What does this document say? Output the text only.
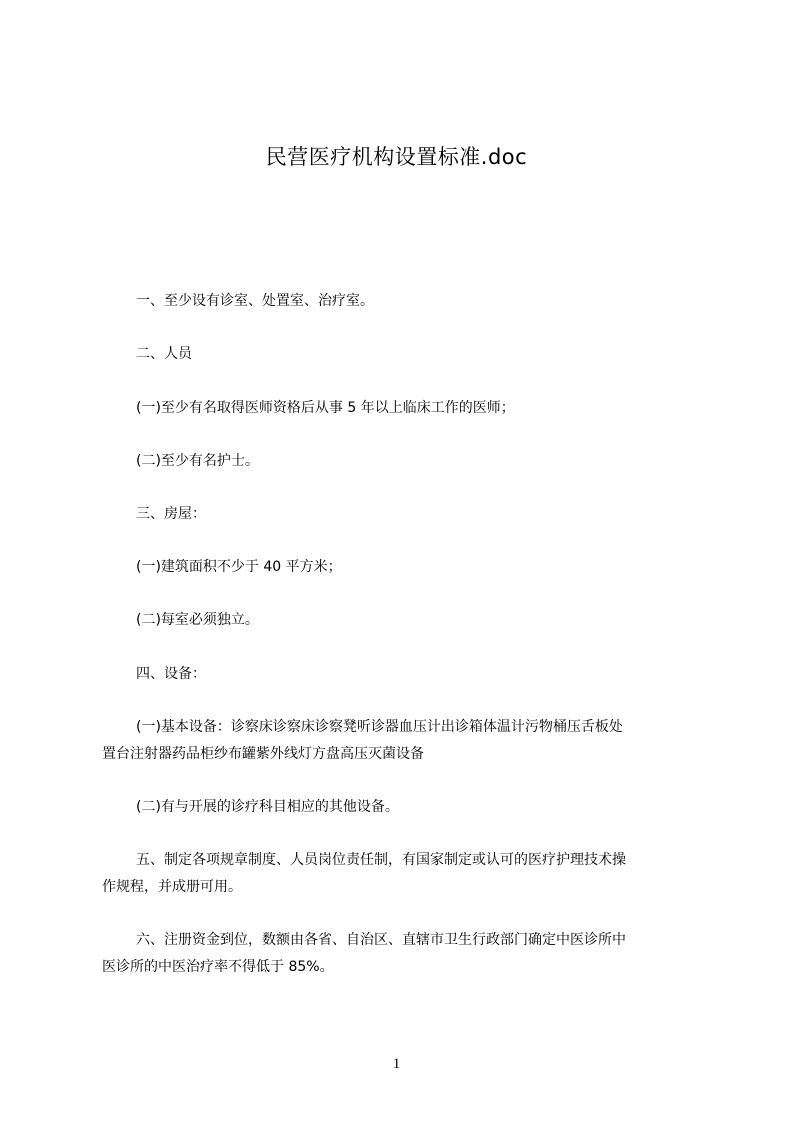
民营医疗机构设置标准.doc
一、至少设有诊室、处置室、治疗室。
二、人员
(一)至少有名取得医师资格后从事 5 年以上临床工作的医师；
(二)至少有名护士。
三、房屋：
(一)建筑面积不少于 40 平方米；
(二)每室必须独立。
四、设备：
(一)基本设备：诊察床诊察床诊察凳听诊器血压计出诊箱体温计污物桶压舌板处
置台注射器药品柜纱布罐紫外线灯方盘高压灭菌设备
(二)有与开展的诊疗科目相应的其他设备。
五、制定各项规章制度、人员岗位责任制，有国家制定或认可的医疗护理技术操
作规程，并成册可用。
六、注册资金到位，数额由各省、自治区、直辖市卫生行政部门确定中医诊所中
医诊所的中医治疗率不得低于 85%。
1
